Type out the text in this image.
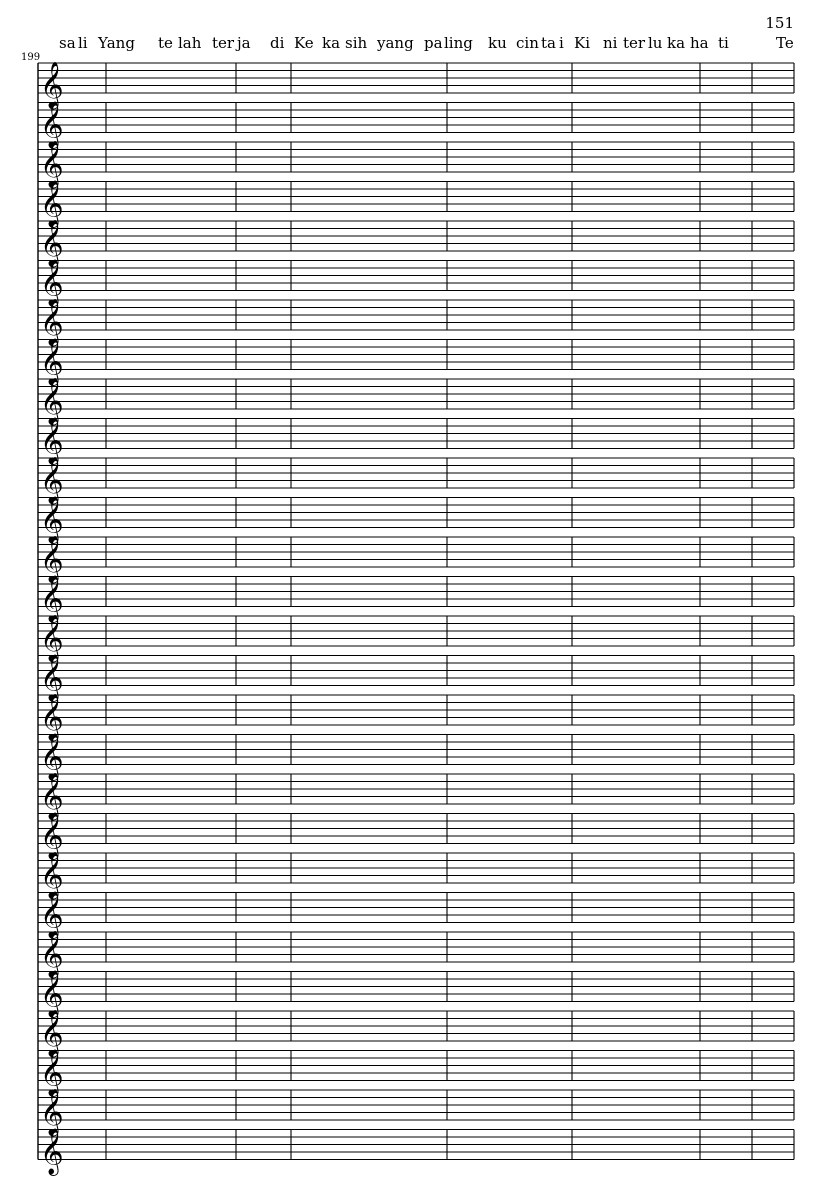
151
199
sa li Yang te lah ter ja di Ke ka sih yang pa ling ku cin ta i Ki ni ter lu ka ha ti	Te
𝄞
𝄞
𝄞
𝄞
𝄞
𝄞
𝄞
𝄞
𝄞
𝄞
𝄞
𝄞
𝄞
𝄞
𝄞
𝄞
𝄞
𝄞
𝄞
𝄞
𝄞
𝄞
𝄞
𝄞
𝄞
𝄞
𝄞
𝄞
